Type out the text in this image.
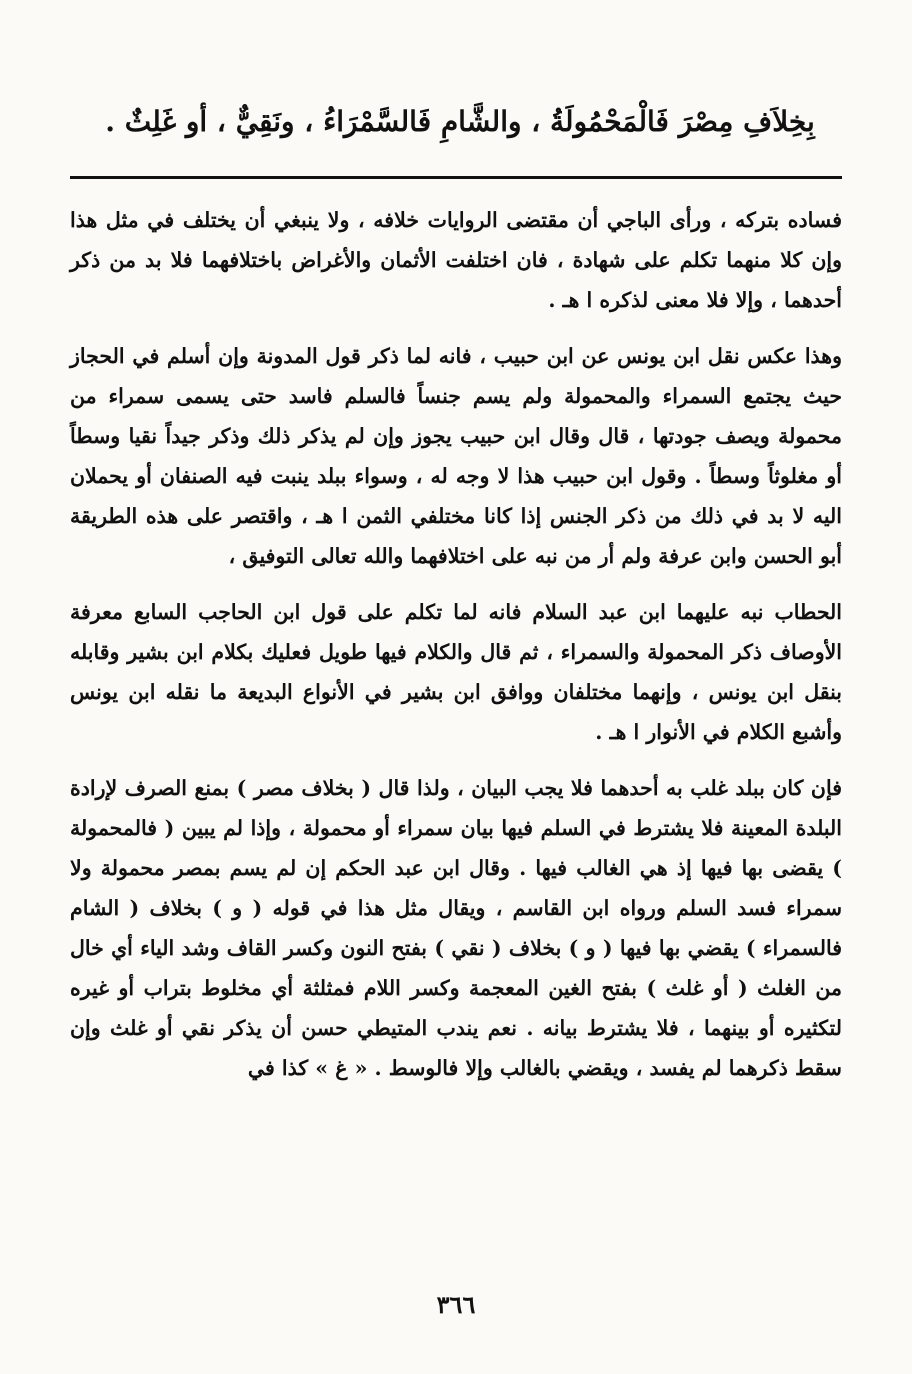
بِخِلاَفِ مِصْرَ فَالْمَحْمُولَةُ ، والشَّامِ فَالسَّمْرَاءُ ، ونَقِيٌّ ، أو غَلِثٌ .

فساده بتركه ، ورأى الباجي أن مقتضى الروايات خلافه ، ولا ينبغي أن يختلف في مثل هذا وإن كلا منهما تكلم على شهادة ، فان اختلفت الأثمان والأغراض باختلافهما فلا بد من ذكر أحدهما ، وإلا فلا معنى لذكره ا هـ .

وهذا عكس نقل ابن يونس عن ابن حبيب ، فانه لما ذكر قول المدونة وإن أسلم في الحجاز حيث يجتمع السمراء والمحمولة ولم يسم جنساً فالسلم فاسد حتى يسمى سمراء من محمولة ويصف جودتها ، قال وقال ابن حبيب يجوز وإن لم يذكر ذلك وذكر جيداً نقيا وسطاً أو مغلوثاً وسطاً . وقول ابن حبيب هذا لا وجه له ، وسواء ببلد ينبت فيه الصنفان أو يحملان اليه لا بد في ذلك من ذكر الجنس إذا كانا مختلفي الثمن ا هـ ، واقتصر على هذه الطريقة أبو الحسن وابن عرفة ولم أر من نبه على اختلافهما والله تعالى التوفيق ،

الحطاب نبه عليهما ابن عبد السلام فانه لما تكلم على قول ابن الحاجب السابع معرفة الأوصاف ذكر المحمولة والسمراء ، ثم قال والكلام فيها طويل فعليك بكلام ابن بشير وقابله بنقل ابن يونس ، وإنهما مختلفان ووافق ابن بشير في الأنواع البديعة ما نقله ابن يونس وأشبع الكلام في الأنوار ا هـ .

فإن كان ببلد غلب به أحدهما فلا يجب البيان ، ولذا قال ( بخلاف مصر ) بمنع الصرف لإرادة البلدة المعينة فلا يشترط في السلم فيها بيان سمراء أو محمولة ، وإذا لم يبين ( فالمحمولة ) يقضى بها فيها إذ هي الغالب فيها . وقال ابن عبد الحكم إن لم يسم بمصر محمولة ولا سمراء فسد السلم ورواه ابن القاسم ، ويقال مثل هذا في قوله ( و ) بخلاف ( الشام فالسمراء ) يقضي بها فيها ( و ) بخلاف ( نقي ) بفتح النون وكسر القاف وشد الياء أي خال من الغلث ( أو غلث ) بفتح الغين المعجمة وكسر اللام فمثلثة أي مخلوط بتراب أو غيره لتكثيره أو بينهما ، فلا يشترط بيانه . نعم يندب المتيطي حسن أن يذكر نقي أو غلث وإن سقط ذكرهما لم يفسد ، ويقضي بالغالب وإلا فالوسط . « غ » كذا في

٣٦٦
